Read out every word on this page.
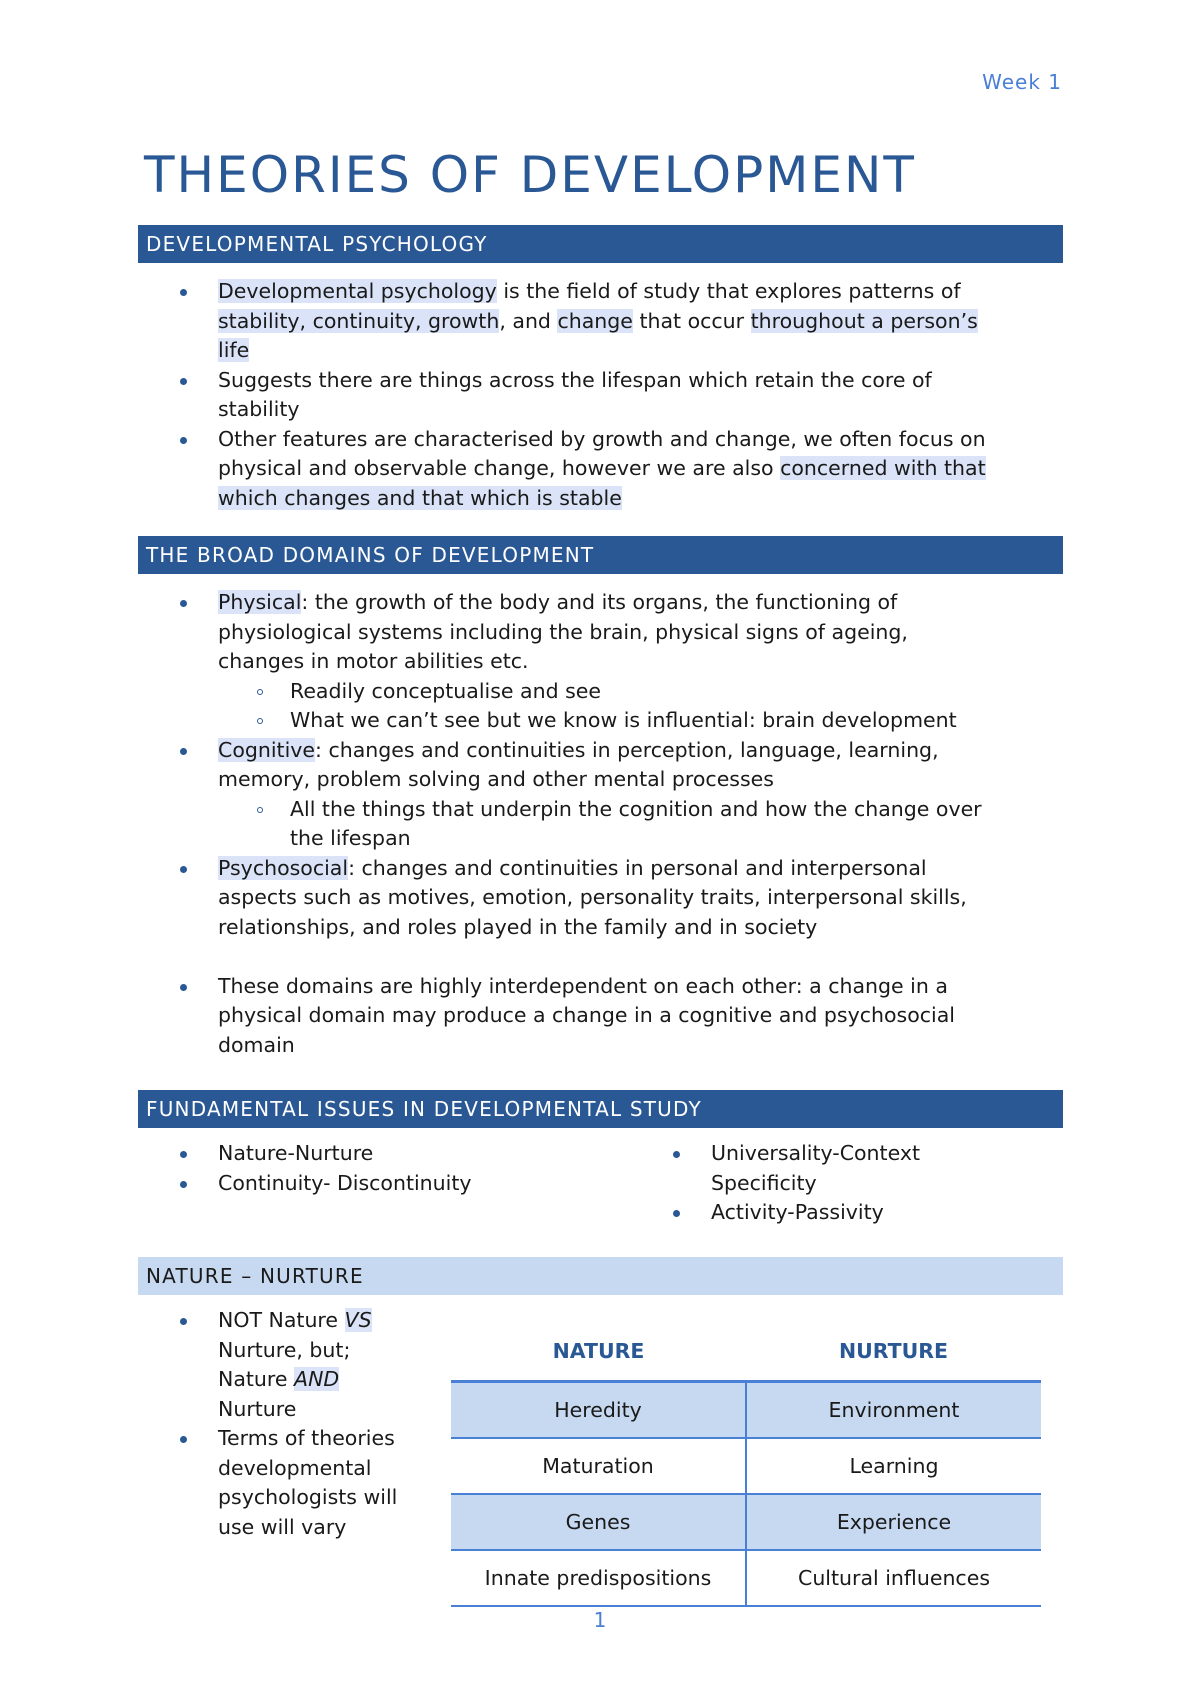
Week 1
THEORIES OF DEVELOPMENT
DEVELOPMENTAL PSYCHOLOGY
Developmental psychology is the field of study that explores patterns of
stability, continuity, growth, and change that occur throughout a person’s
life
Suggests there are things across the lifespan which retain the core of
stability
Other features are characterised by growth and change, we often focus on
physical and observable change, however we are also concerned with that
which changes and that which is stable
THE BROAD DOMAINS OF DEVELOPMENT
Physical: the growth of the body and its organs, the functioning of
physiological systems including the brain, physical signs of ageing,
changes in motor abilities etc.
Readily conceptualise and see
What we can’t see but we know is influential: brain development
Cognitive: changes and continuities in perception, language, learning,
memory, problem solving and other mental processes
All the things that underpin the cognition and how the change over
the lifespan
Psychosocial: changes and continuities in personal and interpersonal
aspects such as motives, emotion, personality traits, interpersonal skills,
relationships, and roles played in the family and in society
These domains are highly interdependent on each other: a change in a
physical domain may produce a change in a cognitive and psychosocial
domain
FUNDAMENTAL ISSUES IN DEVELOPMENTAL STUDY
Nature-Nurture
Continuity- Discontinuity
Universality-Context
Specificity
Activity-Passivity
NATURE – NURTURE
NOT Nature VS
Nurture, but;
Nature AND
Nurture
Terms of theories
developmental
psychologists will
use will vary
NATURE	NURTURE
Heredity	Environment
Maturation	Learning
Genes	Experience
Innate predispositions	Cultural influences
1
